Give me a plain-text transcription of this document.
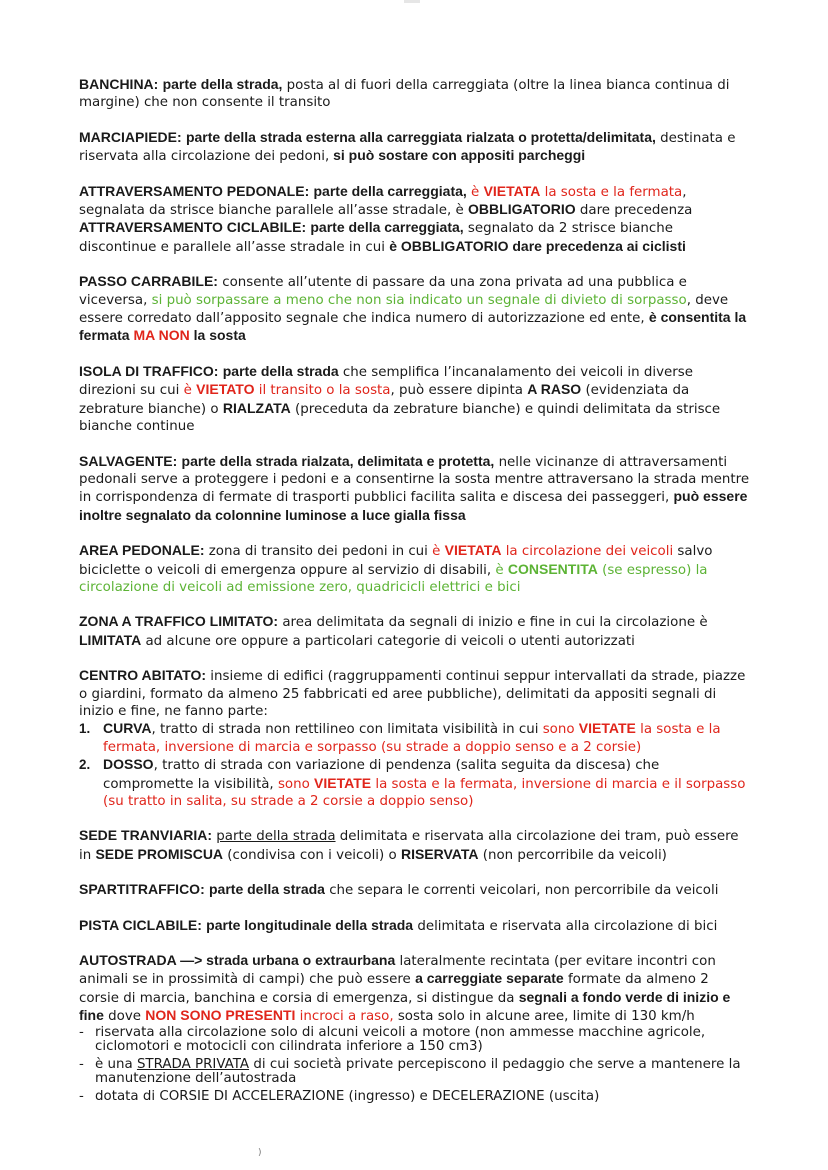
BANCHINA: parte della strada, posta al di fuori della carreggiata (oltre la linea bianca continua di margine) che non consente il transito

MARCIAPIEDE: parte della strada esterna alla carreggiata rialzata o protetta/delimitata, destinata e riservata alla circolazione dei pedoni, si può sostare con appositi parcheggi

ATTRAVERSAMENTO PEDONALE: parte della carreggiata, è VIETATA la sosta e la fermata, segnalata da strisce bianche parallele all’asse stradale, è OBBLIGATORIO dare precedenza

ATTRAVERSAMENTO CICLABILE: parte della carreggiata, segnalato da 2 strisce bianche discontinue e parallele all’asse stradale in cui è OBBLIGATORIO dare precedenza ai ciclisti

PASSO CARRABILE: consente all’utente di passare da una zona privata ad una pubblica e viceversa, si può sorpassare a meno che non sia indicato un segnale di divieto di sorpasso, deve essere corredato dall’apposito segnale che indica numero di autorizzazione ed ente, è consentita la fermata MA NON la sosta

ISOLA DI TRAFFICO: parte della strada che semplifica l’incanalamento dei veicoli in diverse direzioni su cui è VIETATO il transito o la sosta, può essere dipinta A RASO (evidenziata da zebrature bianche) o RIALZATA (preceduta da zebrature bianche) e quindi delimitata da strisce bianche continue

SALVAGENTE: parte della strada rialzata, delimitata e protetta, nelle vicinanze di attraversamenti pedonali serve a proteggere i pedoni e a consentirne la sosta mentre attraversano la strada mentre in corrispondenza di fermate di trasporti pubblici facilita salita e discesa dei passeggeri, può essere inoltre segnalato da colonnine luminose a luce gialla fissa

AREA PEDONALE: zona di transito dei pedoni in cui è VIETATA la circolazione dei veicoli salvo biciclette o veicoli di emergenza oppure al servizio di disabili, è CONSENTITA (se espresso) la circolazione di veicoli ad emissione zero, quadricicli elettrici e bici

ZONA A TRAFFICO LIMITATO: area delimitata da segnali di inizio e fine in cui la circolazione è LIMITATA ad alcune ore oppure a particolari categorie di veicoli o utenti autorizzati

CENTRO ABITATO: insieme di edifici (raggruppamenti continui seppur intervallati da strade, piazze o giardini, formato da almeno 25 fabbricati ed aree pubbliche), delimitati da appositi segnali di inizio e fine, ne fanno parte:
1. CURVA, tratto di strada non rettilineo con limitata visibilità in cui sono VIETATE la sosta e la fermata, inversione di marcia e sorpasso (su strade a doppio senso e a 2 corsie)
2. DOSSO, tratto di strada con variazione di pendenza (salita seguita da discesa) che compromette la visibilità, sono VIETATE la sosta e la fermata, inversione di marcia e il sorpasso (su tratto in salita, su strade a 2 corsie a doppio senso)

SEDE TRANVIARIA: parte della strada delimitata e riservata alla circolazione dei tram, può essere in SEDE PROMISCUA (condivisa con i veicoli) o RISERVATA (non percorribile da veicoli)

SPARTITRAFFICO: parte della strada che separa le correnti veicolari, non percorribile da veicoli

PISTA CICLABILE: parte longitudinale della strada delimitata e riservata alla circolazione di bici

AUTOSTRADA —> strada urbana o extraurbana lateralmente recintata (per evitare incontri con animali se in prossimità di campi) che può essere a carreggiate separate formate da almeno 2 corsie di marcia, banchina e corsia di emergenza, si distingue da segnali a fondo verde di inizio e fine dove NON SONO PRESENTI incroci a raso, sosta solo in alcune aree, limite di 130 km/h
- riservata alla circolazione solo di alcuni veicoli a motore (non ammesse macchine agricole, ciclomotori e motocicli con cilindrata inferiore a 150 cm3)
- è una STRADA PRIVATA di cui società private percepiscono il pedaggio che serve a mantenere la manutenzione dell’autostrada
- dotata di CORSIE DI ACCELERAZIONE (ingresso) e DECELERAZIONE (uscita)
)
